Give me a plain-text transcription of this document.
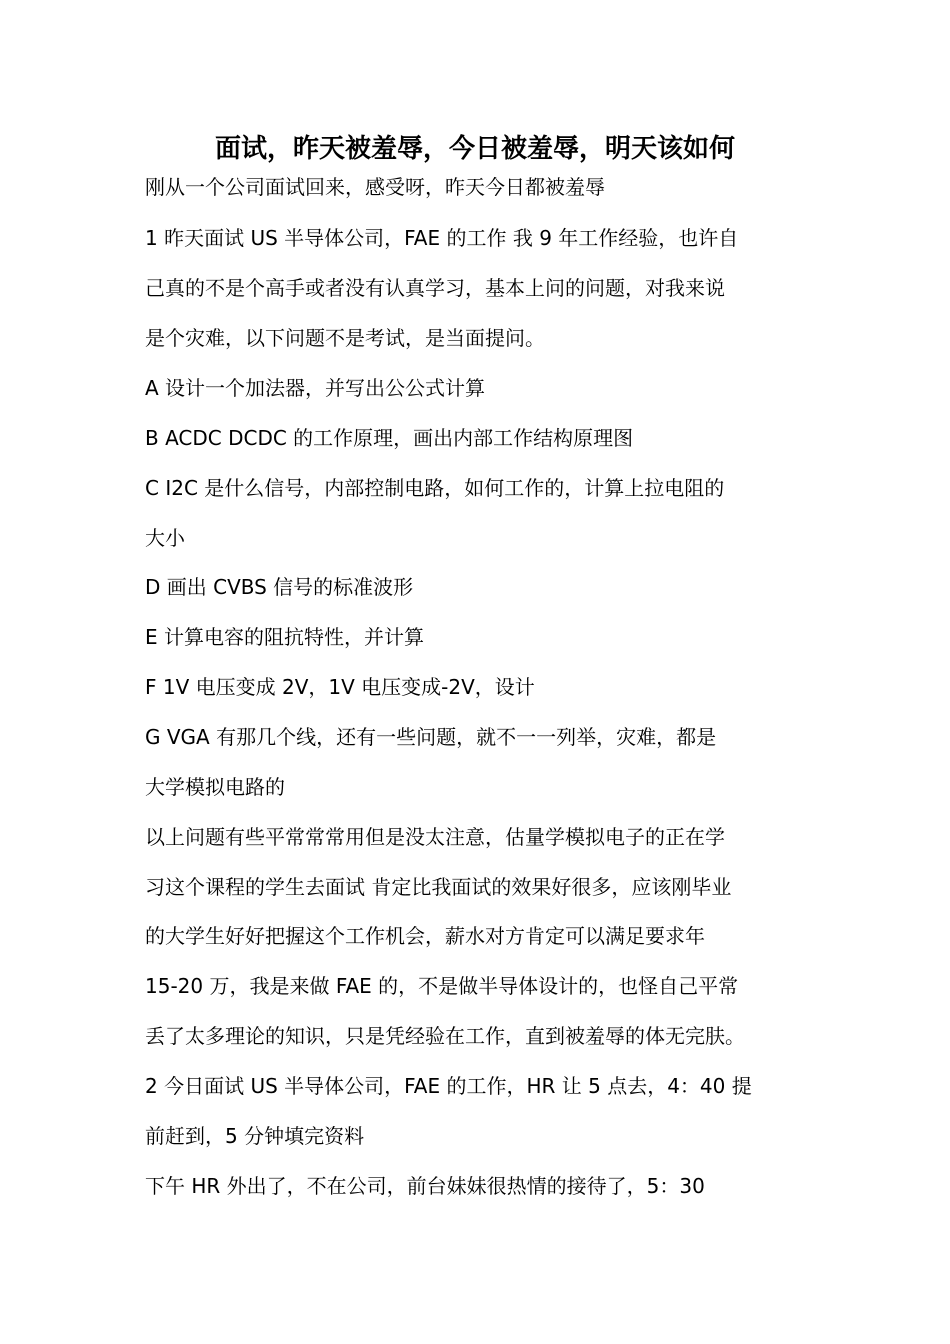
面试，昨天被羞辱，今日被羞辱，明天该如何
刚从一个公司面试回来，感受呀，昨天今日都被羞辱
1 昨天面试 US 半导体公司，FAE 的工作 我 9 年工作经验，也许自
己真的不是个高手或者没有认真学习，基本上问的问题，对我来说
是个灾难，以下问题不是考试，是当面提问。
A 设计一个加法器，并写出公公式计算
B ACDC DCDC 的工作原理，画出内部工作结构原理图
C I2C 是什么信号，内部控制电路，如何工作的，计算上拉电阻的
大小
D 画出 CVBS 信号的标准波形
E 计算电容的阻抗特性，并计算
F 1V 电压变成 2V，1V 电压变成-2V，设计
G VGA 有那几个线，还有一些问题，就不一一列举，灾难，都是
大学模拟电路的
以上问题有些平常常常用但是没太注意，估量学模拟电子的正在学
习这个课程的学生去面试 肯定比我面试的效果好很多，应该刚毕业
的大学生好好把握这个工作机会，薪水对方肯定可以满足要求年
15-20 万，我是来做 FAE 的，不是做半导体设计的，也怪自己平常
丢了太多理论的知识，只是凭经验在工作，直到被羞辱的体无完肤。
2 今日面试 US 半导体公司，FAE 的工作，HR 让 5 点去，4：40 提
前赶到，5 分钟填完资料
下午 HR 外出了，不在公司，前台妹妹很热情的接待了，5：30
